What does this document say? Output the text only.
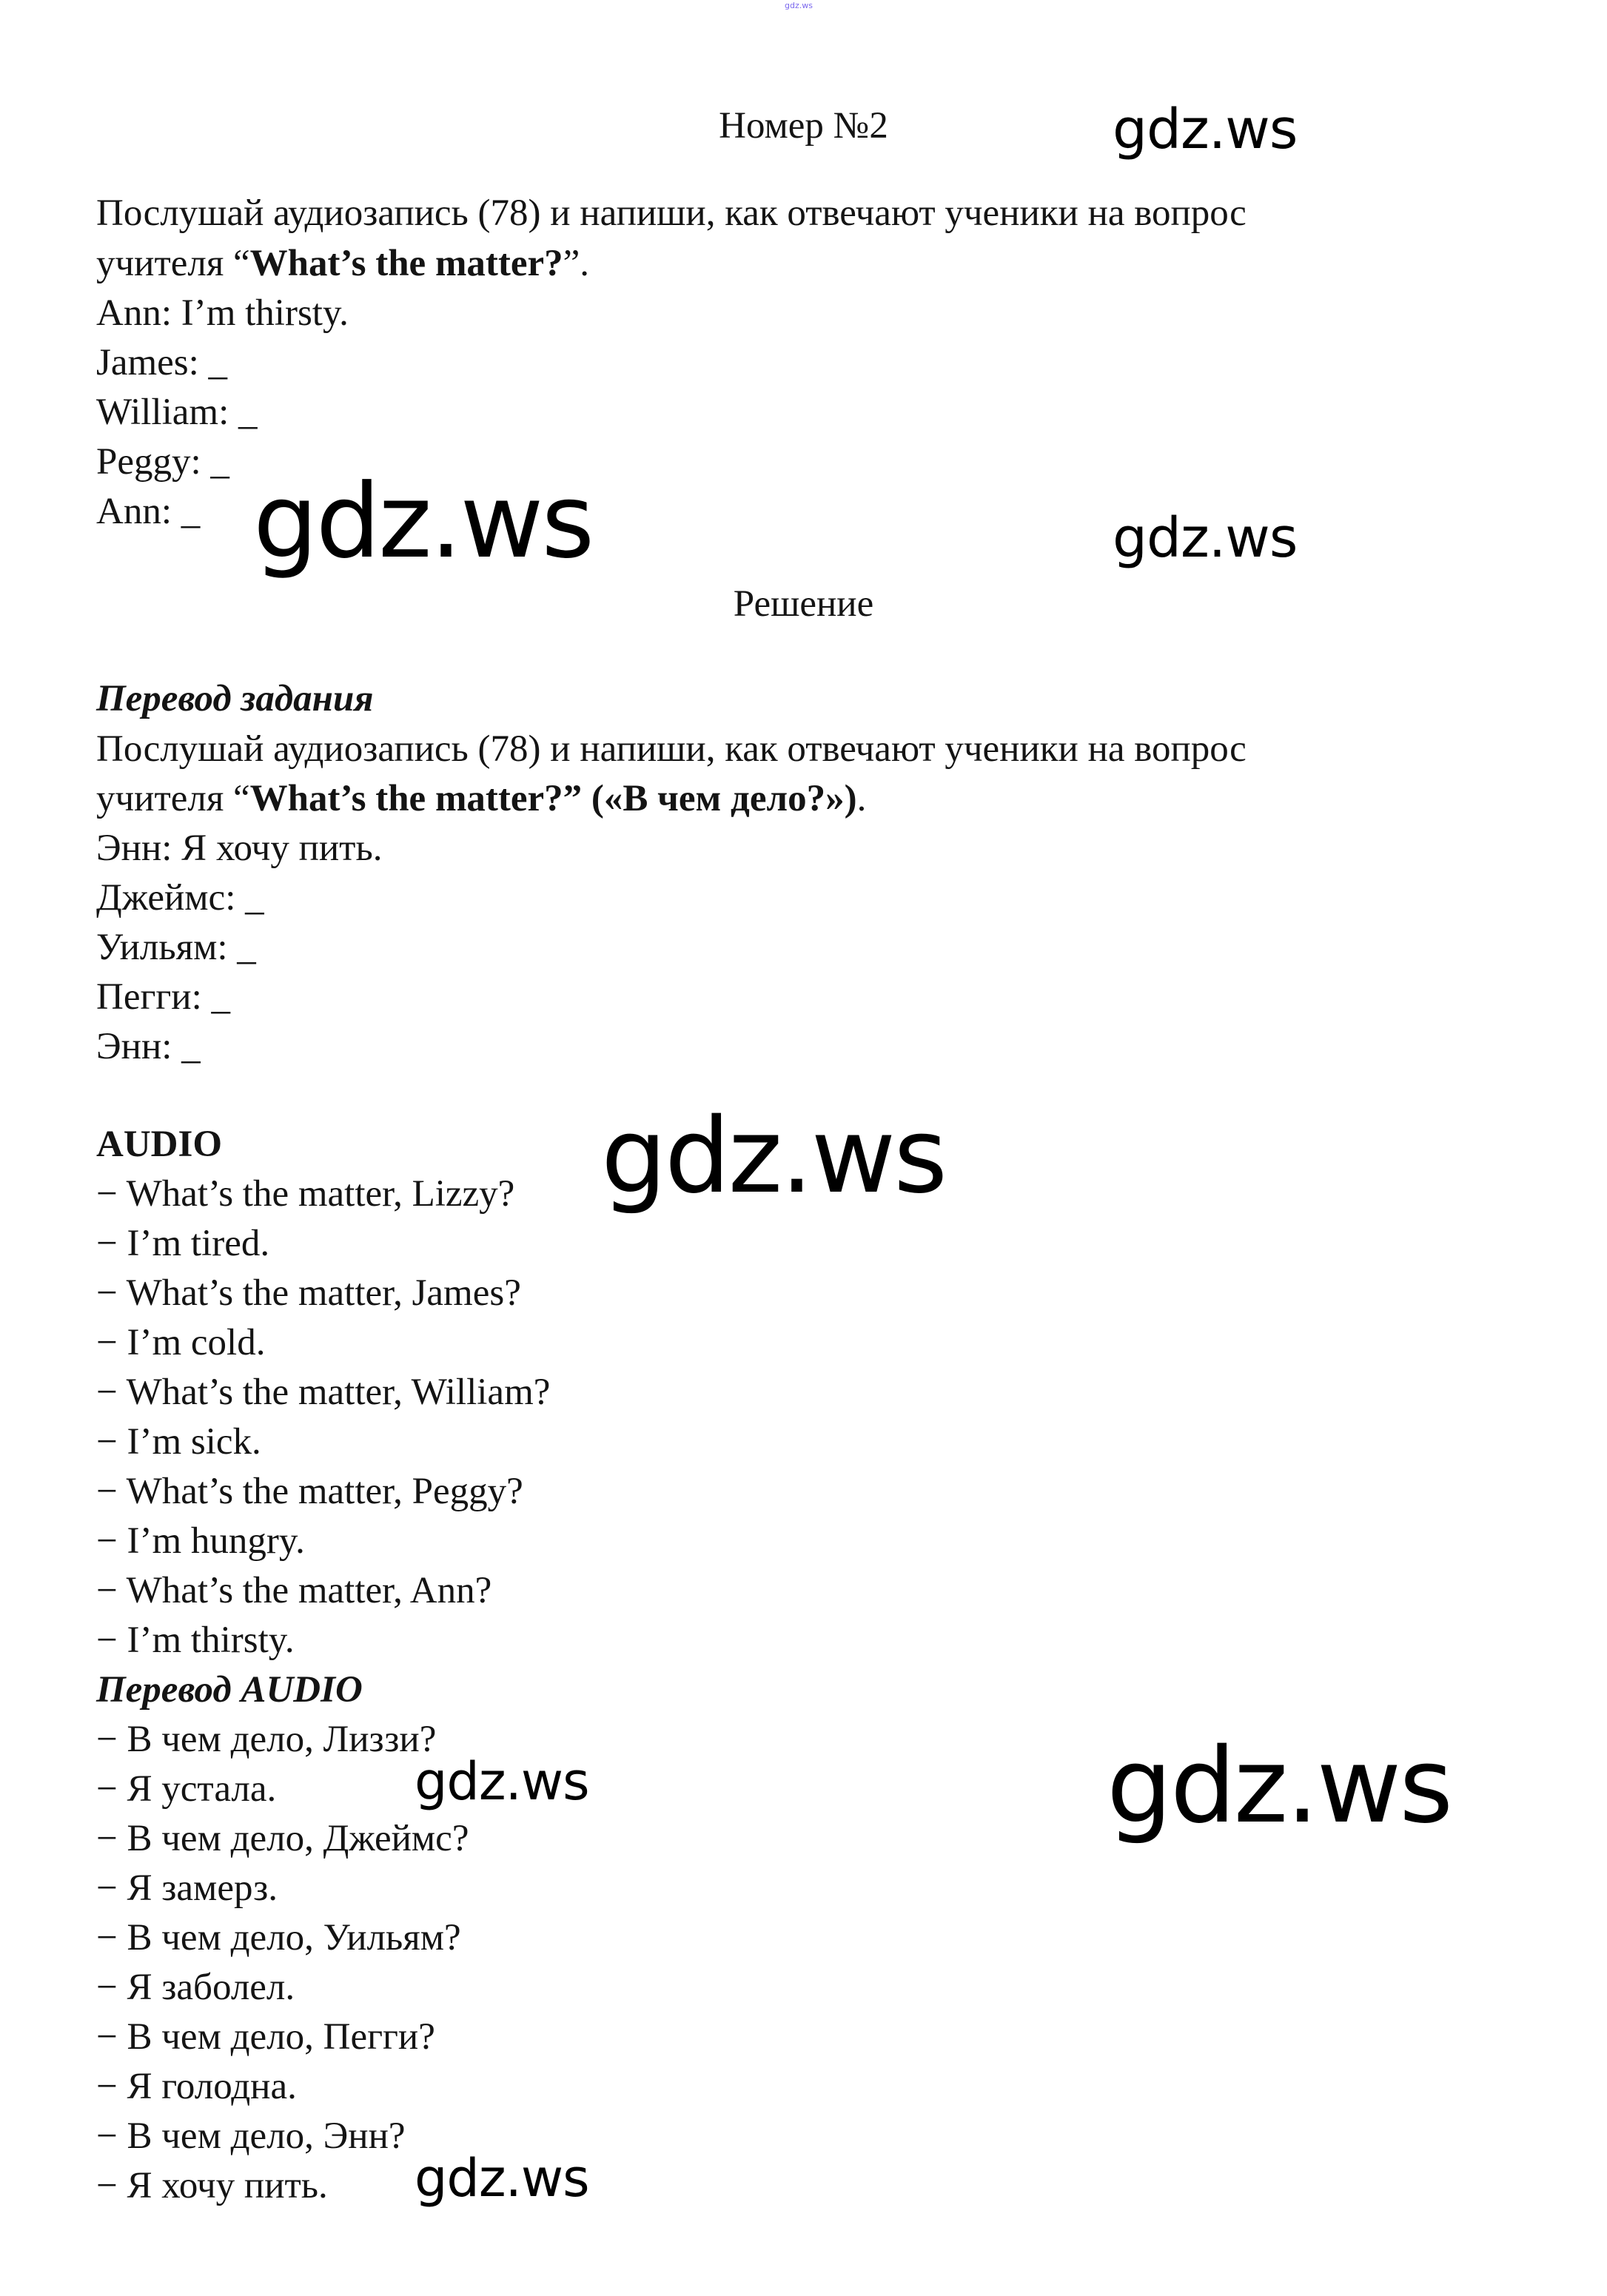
gdz.ws
Номер №2
Послушай аудиозапись (78) и напиши, как отвечают ученики на вопрос
учителя “What’s the matter?”.
Ann: I’m thirsty.
James: _
William: _
Peggy: _
Ann: _
Решение
Перевод задания
Послушай аудиозапись (78) и напиши, как отвечают ученики на вопрос
учителя “What’s the matter?” («В чем дело?»).
Энн: Я хочу пить.
Джеймс: _
Уильям: _
Пегги: _
Энн: _
AUDIO
− What’s the matter, Lizzy?
− I’m tired.
− What’s the matter, James?
− I’m cold.
− What’s the matter, William?
− I’m sick.
− What’s the matter, Peggy?
− I’m hungry.
− What’s the matter, Ann?
− I’m thirsty.
Перевод AUDIO
− В чем дело, Лиззи?
− Я устала.
− В чем дело, Джеймс?
− Я замерз.
− В чем дело, Уильям?
− Я заболел.
− В чем дело, Пегги?
− Я голодна.
− В чем дело, Энн?
− Я хочу пить.
gdz.ws
gdz.ws	gdz.ws
gdz.ws
gdz.ws	gdz.ws
gdz.ws
